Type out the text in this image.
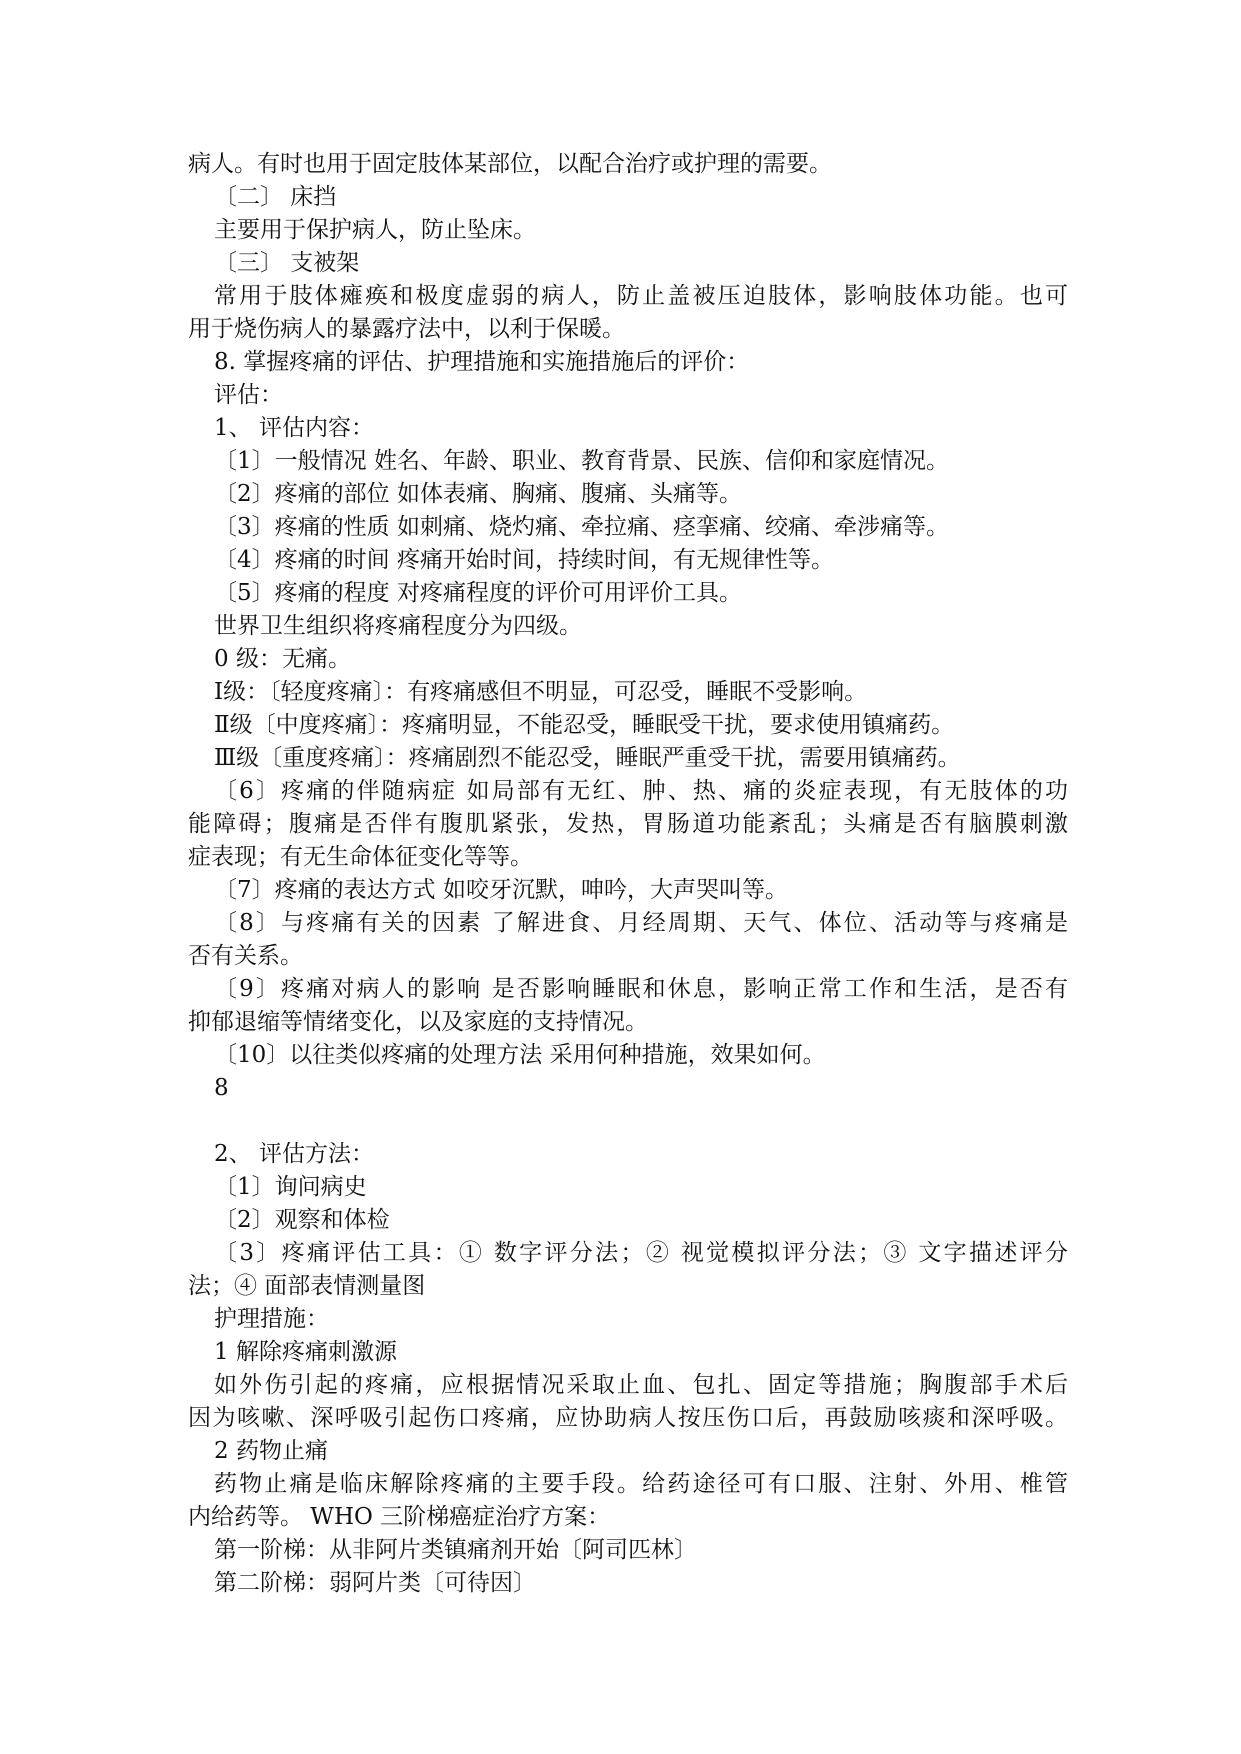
病人。有时也用于固定肢体某部位，以配合治疗或护理的需要。
〔二〕 床挡
主要用于保护病人，防止坠床。
〔三〕 支被架
常用于肢体瘫痪和极度虚弱的病人，防止盖被压迫肢体，影响肢体功能。也可
用于烧伤病人的暴露疗法中，以利于保暖。
8. 掌握疼痛的评估、护理措施和实施措施后的评价：
评估：
1、 评估内容：
〔1〕一般情况 姓名、年龄、职业、教育背景、民族、信仰和家庭情况。
〔2〕疼痛的部位 如体表痛、胸痛、腹痛、头痛等。
〔3〕疼痛的性质 如刺痛、烧灼痛、牵拉痛、痉挛痛、绞痛、牵涉痛等。
〔4〕疼痛的时间 疼痛开始时间，持续时间，有无规律性等。
〔5〕疼痛的程度 对疼痛程度的评价可用评价工具。
世界卫生组织将疼痛程度分为四级。
0 级：无痛。
Ⅰ级：〔轻度疼痛〕：有疼痛感但不明显，可忍受，睡眠不受影响。
Ⅱ级〔中度疼痛〕：疼痛明显，不能忍受，睡眠受干扰，要求使用镇痛药。
Ⅲ级〔重度疼痛〕：疼痛剧烈不能忍受，睡眠严重受干扰，需要用镇痛药。
〔6〕疼痛的伴随病症 如局部有无红、肿、热、痛的炎症表现，有无肢体的功
能障碍；腹痛是否伴有腹肌紧张，发热，胃肠道功能紊乱；头痛是否有脑膜刺激
症表现；有无生命体征变化等等。
〔7〕疼痛的表达方式 如咬牙沉默，呻吟，大声哭叫等。
〔8〕与疼痛有关的因素 了解进食、月经周期、天气、体位、活动等与疼痛是
否有关系。
〔9〕疼痛对病人的影响 是否影响睡眠和休息，影响正常工作和生活，是否有
抑郁退缩等情绪变化，以及家庭的支持情况。
〔10〕以往类似疼痛的处理方法 采用何种措施，效果如何。
8
2、 评估方法：
〔1〕询问病史
〔2〕观察和体检
〔3〕疼痛评估工具：① 数字评分法；② 视觉模拟评分法；③ 文字描述评分
法；④ 面部表情测量图
护理措施：
1 解除疼痛刺激源
如外伤引起的疼痛，应根据情况采取止血、包扎、固定等措施；胸腹部手术后
因为咳嗽、深呼吸引起伤口疼痛，应协助病人按压伤口后，再鼓励咳痰和深呼吸。
2 药物止痛
药物止痛是临床解除疼痛的主要手段。给药途径可有口服、注射、外用、椎管
内给药等。 WHO 三阶梯癌症治疗方案：
第一阶梯：从非阿片类镇痛剂开始〔阿司匹林〕
第二阶梯：弱阿片类〔可待因〕
